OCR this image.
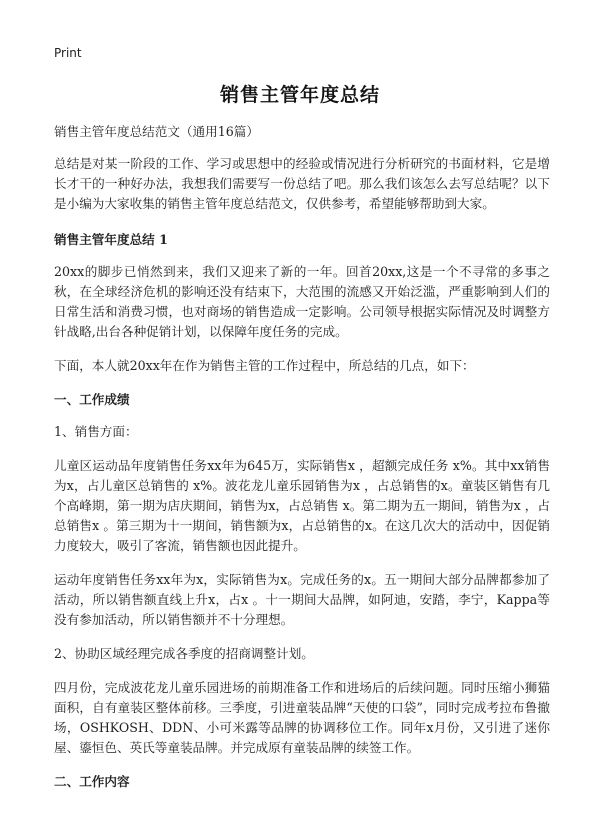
Print
销售主管年度总结

销售主管年度总结范文（通用16篇）

总结是对某一阶段的工作、学习或思想中的经验或情况进行分析研究的书面材料，它是增长才干的一种好办法，我想我们需要写一份总结了吧。那么我们该怎么去写总结呢？以下是小编为大家收集的销售主管年度总结范文，仅供参考，希望能够帮助到大家。

销售主管年度总结 1

20xx的脚步已悄然到来，我们又迎来了新的一年。回首20xx,这是一个不寻常的多事之秋，在全球经济危机的影响还没有结束下，大范围的流感又开始泛滥，严重影响到人们的日常生活和消费习惯，也对商场的销售造成一定影响。公司领导根据实际情况及时调整方针战略,出台各种促销计划，以保障年度任务的完成。

下面，本人就20xx年在作为销售主管的工作过程中，所总结的几点，如下：

一、工作成绩

1、销售方面：

儿童区运动品年度销售任务xx年为645万，实际销售x ，超额完成任务 x%。其中xx销售为x，占儿童区总销售的 x%。波花龙儿童乐园销售为x ，占总销售的x。童装区销售有几个高峰期，第一期为店庆期间，销售为x，占总销售 x。第二期为五一期间，销售为x ，占总销售x 。第三期为十一期间，销售额为x，占总销售的x。在这几次大的活动中，因促销力度较大，吸引了客流，销售额也因此提升。

运动年度销售任务xx年为x，实际销售为x。完成任务的x。五一期间大部分品牌都参加了活动，所以销售额直线上升x，占x 。十一期间大品牌，如阿迪，安踏，李宁，Kappa等没有参加活动，所以销售额并不十分理想。

2、协助区域经理完成各季度的招商调整计划。

四月份，完成波花龙儿童乐园进场的前期准备工作和进场后的后续问题。同时压缩小狮猫面积，自有童装区整体前移。三季度，引进童装品牌“天使的口袋”，同时完成考拉布鲁撤场，OSHKOSH、DDN、小可米露等品牌的协调移位工作。同年x月份，又引进了迷你屋、鎏恒色、英氏等童装品牌。并完成原有童装品牌的续签工作。

二、工作内容
